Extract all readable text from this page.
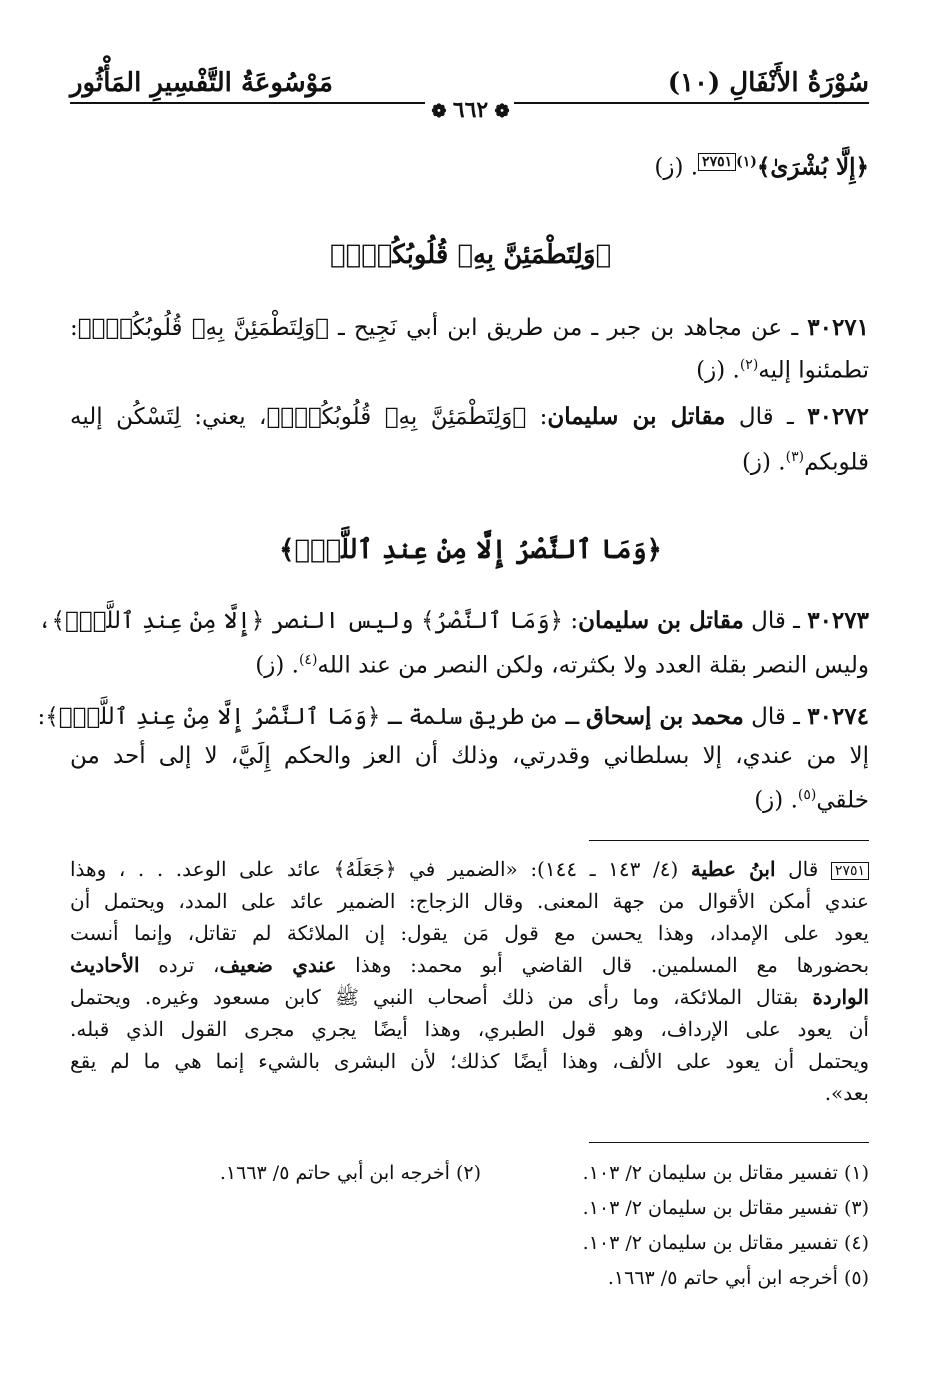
سُوْرَةُ الأَنْفَالِ (١٠)
مَوْسُوعَةُ التَّفْسِيرِ المَأْثُور
❁ ٦٦٢ ❁
﴿إِلَّا بُشْرَىٰ﴾$^{(١)}$٢٧٥١. (ز)
﴿وَلِتَطْمَئِنَّ بِهِۦ قُلُوبُكُمْۚ﴾
٣٠٢٧١ ـ عن مجاهد بن جبر ـ من طريق ابن أبي نَجِيح ـ ﴿وَلِتَطْمَئِنَّ بِهِۦ قُلُوبُكُمْۚ﴾:
تطمئنوا إليه$^{(٢)}$. (ز)
٣٠٢٧٢ ـ قال مقاتل بن سليمان: ﴿وَلِتَطْمَئِنَّ بِهِۦ قُلُوبُكُمْۚ﴾، يعني: لِتَسْكُن إليه
قلوبكم$^{(٣)}$. (ز)
﴿وَمَا ٱلنَّصْرُ إِلَّا مِنْ عِندِ ٱللَّهِۚ﴾
٣٠٢٧٣ ـ قال مقاتل بن سليمان: ﴿وَمَا ٱلنَّصْرُ﴾ وليس النصر ﴿إِلَّا مِنْ عِندِ ٱللَّهِۚ﴾،
وليس النصر بقلة العدد ولا بكثرته، ولكن النصر من عند الله$^{(٤)}$. (ز)
٣٠٢٧٤ ـ قال محمد بن إسحاق ـ من طريق سلمة ـ ﴿وَمَا ٱلنَّصْرُ إِلَّا مِنْ عِندِ ٱللَّهِۚ﴾:
إلا من عندي، إلا بسلطاني وقدرتي، وذلك أن العز والحكم إِلَيَّ، لا إلى أحد من
خلقي$^{(٥)}$. (ز)
٢٧٥١ قال ابنُ عطية (٤/ ١٤٣ ـ ١٤٤): «الضمير في ﴿جَعَلَهُ﴾ عائد على الوعد. . . ، وهذا
عندي أمكن الأقوال من جهة المعنى. وقال الزجاج: الضمير عائد على المدد، ويحتمل أن
يعود على الإمداد، وهذا يحسن مع قول مَن يقول: إن الملائكة لم تقاتل، وإنما أنست
بحضورها مع المسلمين. قال القاضي أبو محمد: وهذا عندي ضعيف، ترده الأحاديث
الواردة بقتال الملائكة، وما رأى من ذلك أصحاب النبي ﷺ كابن مسعود وغيره. ويحتمل
أن يعود على الإرداف، وهو قول الطبري، وهذا أيضًا يجري مجرى القول الذي قبله.
ويحتمل أن يعود على الألف، وهذا أيضًا كذلك؛ لأن البشرى بالشيء إنما هي ما لم يقع
بعد».
(١) تفسير مقاتل بن سليمان ٢/ ١٠٣.
(٢) أخرجه ابن أبي حاتم ٥/ ١٦٦٣.
(٣) تفسير مقاتل بن سليمان ٢/ ١٠٣.
(٤) تفسير مقاتل بن سليمان ٢/ ١٠٣.
(٥) أخرجه ابن أبي حاتم ٥/ ١٦٦٣.
